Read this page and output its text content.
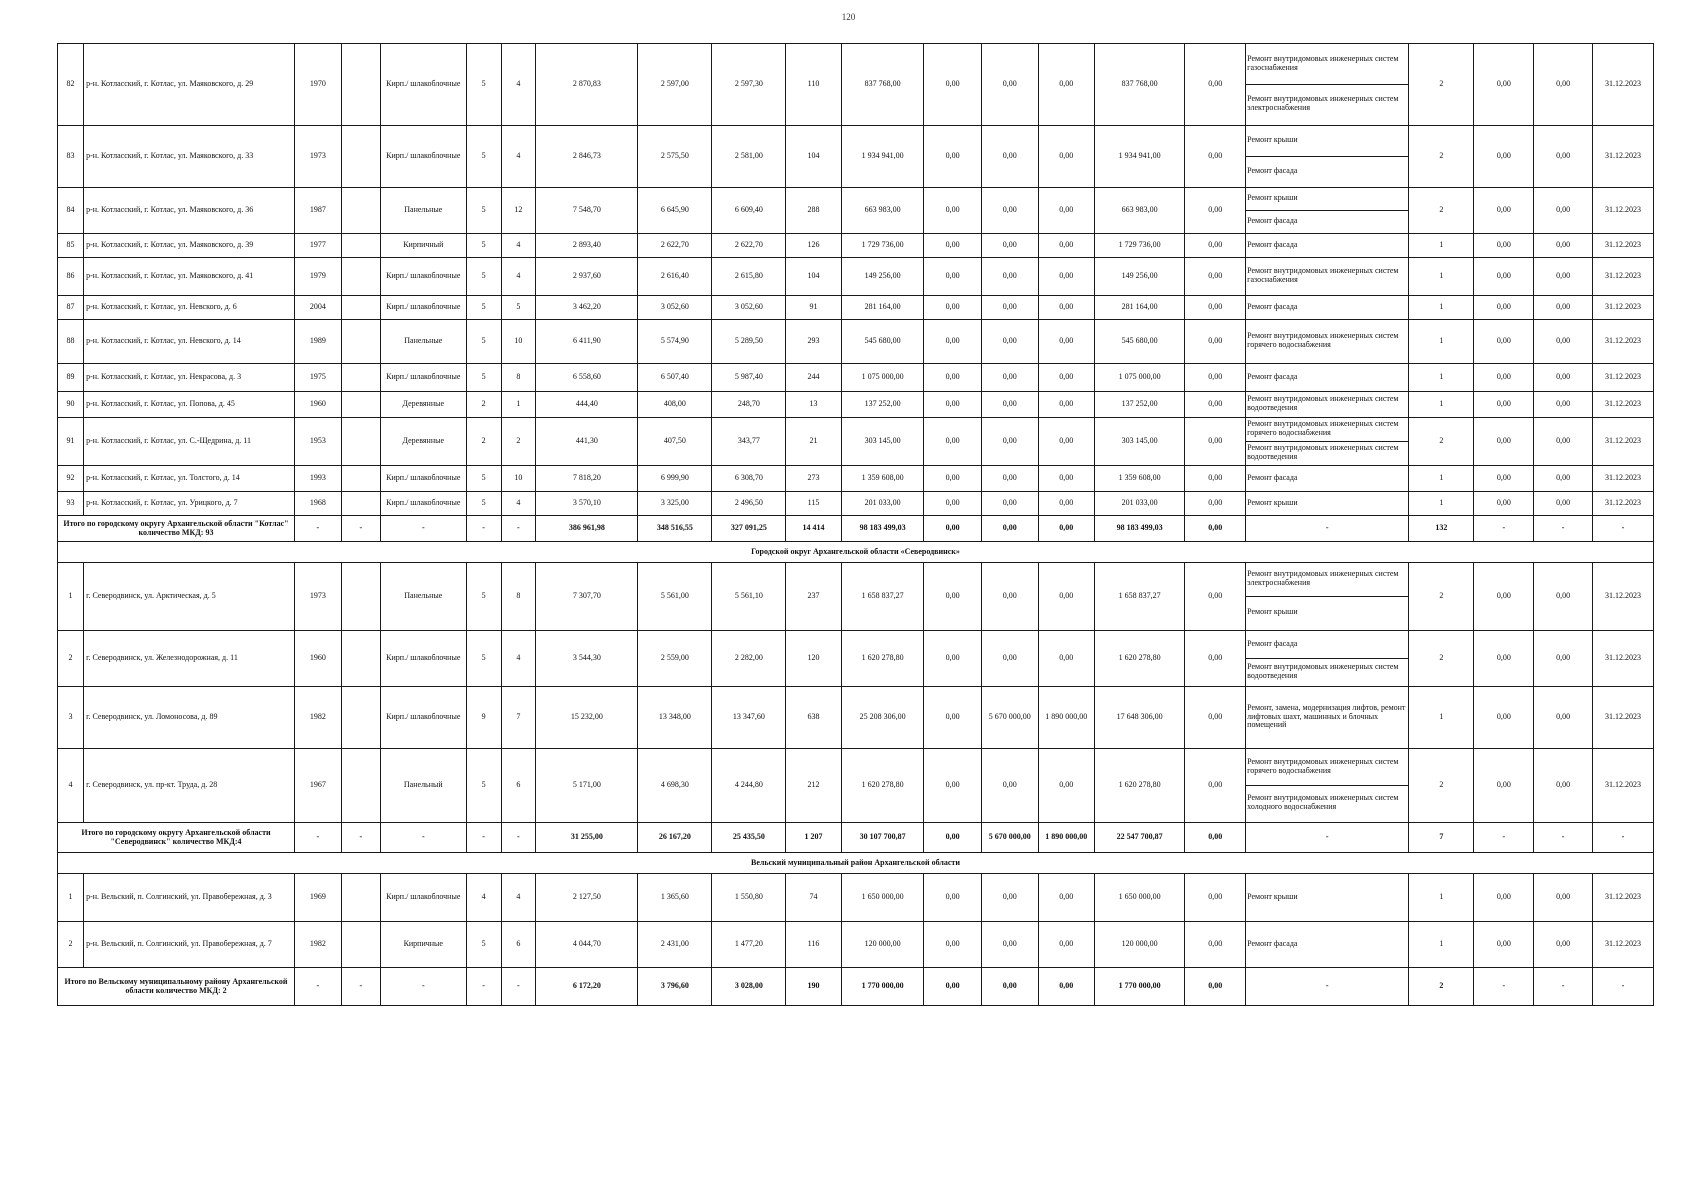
120
82	р-н. Котласский, г. Котлас, ул. Маяковского, д. 29	1970		Кирп./ шлакоблочные	5	4	2 870,83	2 597,00	2 597,30	110	837 768,00	0,00	0,00	0,00	837 768,00	0,00	Ремонт внутридомовых инженерных систем газоснабжения
Ремонт внутридомовых инженерных систем электроснабжения	2	0,00	0,00	31.12.2023
83	р-н. Котласский, г. Котлас, ул. Маяковского, д. 33	1973		Кирп./ шлакоблочные	5	4	2 846,73	2 575,50	2 581,00	104	1 934 941,00	0,00	0,00	0,00	1 934 941,00	0,00	Ремонт крыши
Ремонт фасада	2	0,00	0,00	31.12.2023
84	р-н. Котласский, г. Котлас, ул. Маяковского, д. 36	1987		Панельные	5	12	7 548,70	6 645,90	6 609,40	288	663 983,00	0,00	0,00	0,00	663 983,00	0,00	Ремонт крыши
Ремонт фасада	2	0,00	0,00	31.12.2023
85	р-н. Котласский, г. Котлас, ул. Маяковского, д. 39	1977		Кирпичный	5	4	2 893,40	2 622,70	2 622,70	126	1 729 736,00	0,00	0,00	0,00	1 729 736,00	0,00	Ремонт фасада	1	0,00	0,00	31.12.2023
86	р-н. Котласский, г. Котлас, ул. Маяковского, д. 41	1979		Кирп./ шлакоблочные	5	4	2 937,60	2 616,40	2 615,80	104	149 256,00	0,00	0,00	0,00	149 256,00	0,00	Ремонт внутридомовых инженерных систем газоснабжения	1	0,00	0,00	31.12.2023
87	р-н. Котласский, г. Котлас, ул. Невского, д. 6	2004		Кирп./ шлакоблочные	5	5	3 462,20	3 052,60	3 052,60	91	281 164,00	0,00	0,00	0,00	281 164,00	0,00	Ремонт фасада	1	0,00	0,00	31.12.2023
88	р-н. Котласский, г. Котлас, ул. Невского, д. 14	1989		Панельные	5	10	6 411,90	5 574,90	5 289,50	293	545 680,00	0,00	0,00	0,00	545 680,00	0,00	Ремонт внутридомовых инженерных систем горячего водоснабжения	1	0,00	0,00	31.12.2023
89	р-н. Котласский, г. Котлас, ул. Некрасова, д. 3	1975		Кирп./ шлакоблочные	5	8	6 558,60	6 507,40	5 987,40	244	1 075 000,00	0,00	0,00	0,00	1 075 000,00	0,00	Ремонт фасада	1	0,00	0,00	31.12.2023
90	р-н. Котласский, г. Котлас, ул. Попова, д. 45	1960		Деревянные	2	1	444,40	408,00	248,70	13	137 252,00	0,00	0,00	0,00	137 252,00	0,00	Ремонт внутридомовых инженерных систем водоотведения	1	0,00	0,00	31.12.2023
91	р-н. Котласский, г. Котлас, ул. С.-Щедрина, д. 11	1953		Деревянные	2	2	441,30	407,50	343,77	21	303 145,00	0,00	0,00	0,00	303 145,00	0,00	Ремонт внутридомовых инженерных систем горячего водоснабжения
Ремонт внутридомовых инженерных систем водоотведения	2	0,00	0,00	31.12.2023
92	р-н. Котласский, г. Котлас, ул. Толстого, д. 14	1993		Кирп./ шлакоблочные	5	10	7 818,20	6 999,90	6 308,70	273	1 359 608,00	0,00	0,00	0,00	1 359 608,00	0,00	Ремонт фасада	1	0,00	0,00	31.12.2023
93	р-н. Котласский, г. Котлас, ул. Урицкого, д. 7	1968		Кирп./ шлакоблочные	5	4	3 570,10	3 325,00	2 496,50	115	201 033,00	0,00	0,00	0,00	201 033,00	0,00	Ремонт крыши	1	0,00	0,00	31.12.2023
Итого по городскому округу Архангельской области "Котлас" количество МКД: 93		-	-	-	-	-	386 961,98	348 516,55	327 091,25	14 414	98 183 499,03	0,00	0,00	0,00	98 183 499,03	0,00	-	132	-	-	-
Городской округ Архангельской области «Северодвинск»																					
1	г. Северодвинск, ул. Арктическая, д. 5	1973		Панельные	5	8	7 307,70	5 561,00	5 561,10	237	1 658 837,27	0,00	0,00	0,00	1 658 837,27	0,00	Ремонт внутридомовых инженерных систем электроснабжения
Ремонт крыши	2	0,00	0,00	31.12.2023
2	г. Северодвинск, ул. Железнодорожная, д. 11	1960		Кирп./ шлакоблочные	5	4	3 544,30	2 559,00	2 282,00	120	1 620 278,80	0,00	0,00	0,00	1 620 278,80	0,00	Ремонт фасада
Ремонт внутридомовых инженерных систем водоотведения	2	0,00	0,00	31.12.2023
3	г. Северодвинск, ул. Ломоносова, д. 89	1982		Кирп./ шлакоблочные	9	7	15 232,00	13 348,00	13 347,60	638	25 208 306,00	0,00	5 670 000,00	1 890 000,00	17 648 306,00	0,00	Ремонт, замена, модернизация лифтов, ремонт лифтовых шахт, машинных и блочных помещений	1	0,00	0,00	31.12.2023
4	г. Северодвинск, ул. пр-кт. Труда, д. 28	1967		Панельный	5	6	5 171,00	4 698,30	4 244,80	212	1 620 278,80	0,00	0,00	0,00	1 620 278,80	0,00	Ремонт внутридомовых инженерных систем горячего водоснабжения
Ремонт внутридомовых инженерных систем холодного водоснабжения	2	0,00	0,00	31.12.2023
Итого по городскому округу Архангельской области "Северодвинск" количество МКД:4		-	-	-	-	-	31 255,00	26 167,20	25 435,50	1 207	30 107 700,87	0,00	5 670 000,00	1 890 000,00	22 547 700,87	0,00	-	7	-	-	-
Вельский муниципальный район Архангельской области																					
1	р-н. Вельский, п. Солгинский, ул. Правобережная, д. 3	1969		Кирп./ шлакоблочные	4	4	2 127,50	1 365,60	1 550,80	74	1 650 000,00	0,00	0,00	0,00	1 650 000,00	0,00	Ремонт крыши	1	0,00	0,00	31.12.2023
2	р-н. Вельский, п. Солгинский, ул. Правобережная, д. 7	1982		Кирпичные	5	6	4 044,70	2 431,00	1 477,20	116	120 000,00	0,00	0,00	0,00	120 000,00	0,00	Ремонт фасада	1	0,00	0,00	31.12.2023
Итого по Вельскому муниципальному району Архангельской области количество МКД: 2		-	-	-	-	-	6 172,20	3 796,60	3 028,00	190	1 770 000,00	0,00	0,00	0,00	1 770 000,00	0,00	-	2	-	-	-
